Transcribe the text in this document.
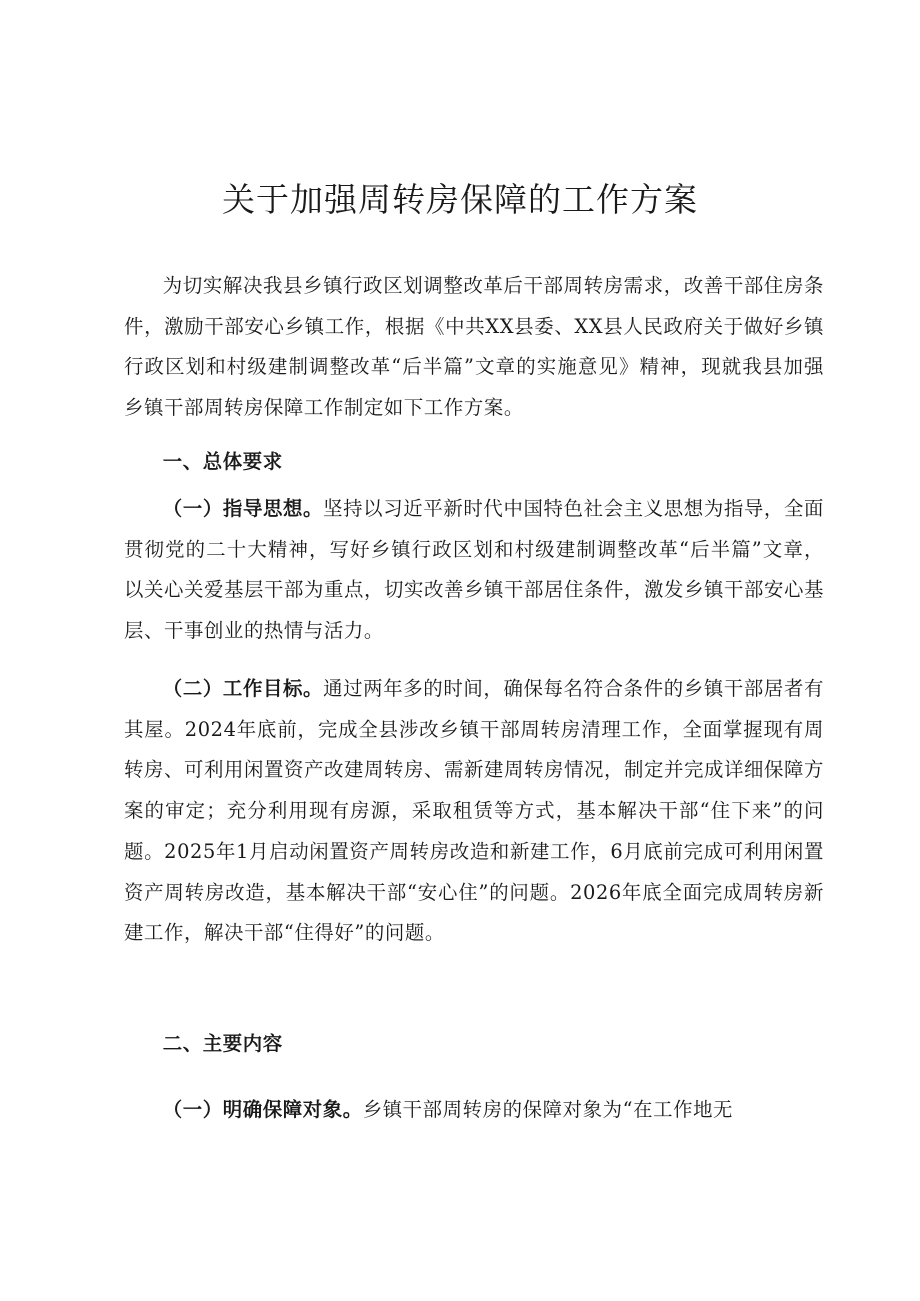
关于加强周转房保障的工作方案

为切实解决我县乡镇行政区划调整改革后干部周转房需求，改善干部住房条件，激励干部安心乡镇工作，根据《中共XX县委、XX县人民政府关于做好乡镇行政区划和村级建制调整改革“后半篇”文章的实施意见》精神，现就我县加强乡镇干部周转房保障工作制定如下工作方案。

一、总体要求

（一）指导思想。坚持以习近平新时代中国特色社会主义思想为指导，全面贯彻党的二十大精神，写好乡镇行政区划和村级建制调整改革“后半篇”文章，以关心关爱基层干部为重点，切实改善乡镇干部居住条件，激发乡镇干部安心基层、干事创业的热情与活力。

（二）工作目标。通过两年多的时间，确保每名符合条件的乡镇干部居者有其屋。2024年底前，完成全县涉改乡镇干部周转房清理工作，全面掌握现有周转房、可利用闲置资产改建周转房、需新建周转房情况，制定并完成详细保障方案的审定；充分利用现有房源，采取租赁等方式，基本解决干部“住下来”的问题。2025年1月启动闲置资产周转房改造和新建工作，6月底前完成可利用闲置资产周转房改造，基本解决干部“安心住”的问题。2026年底全面完成周转房新建工作，解决干部“住得好”的问题。

二、主要内容

（一）明确保障对象。乡镇干部周转房的保障对象为“在工作地无
